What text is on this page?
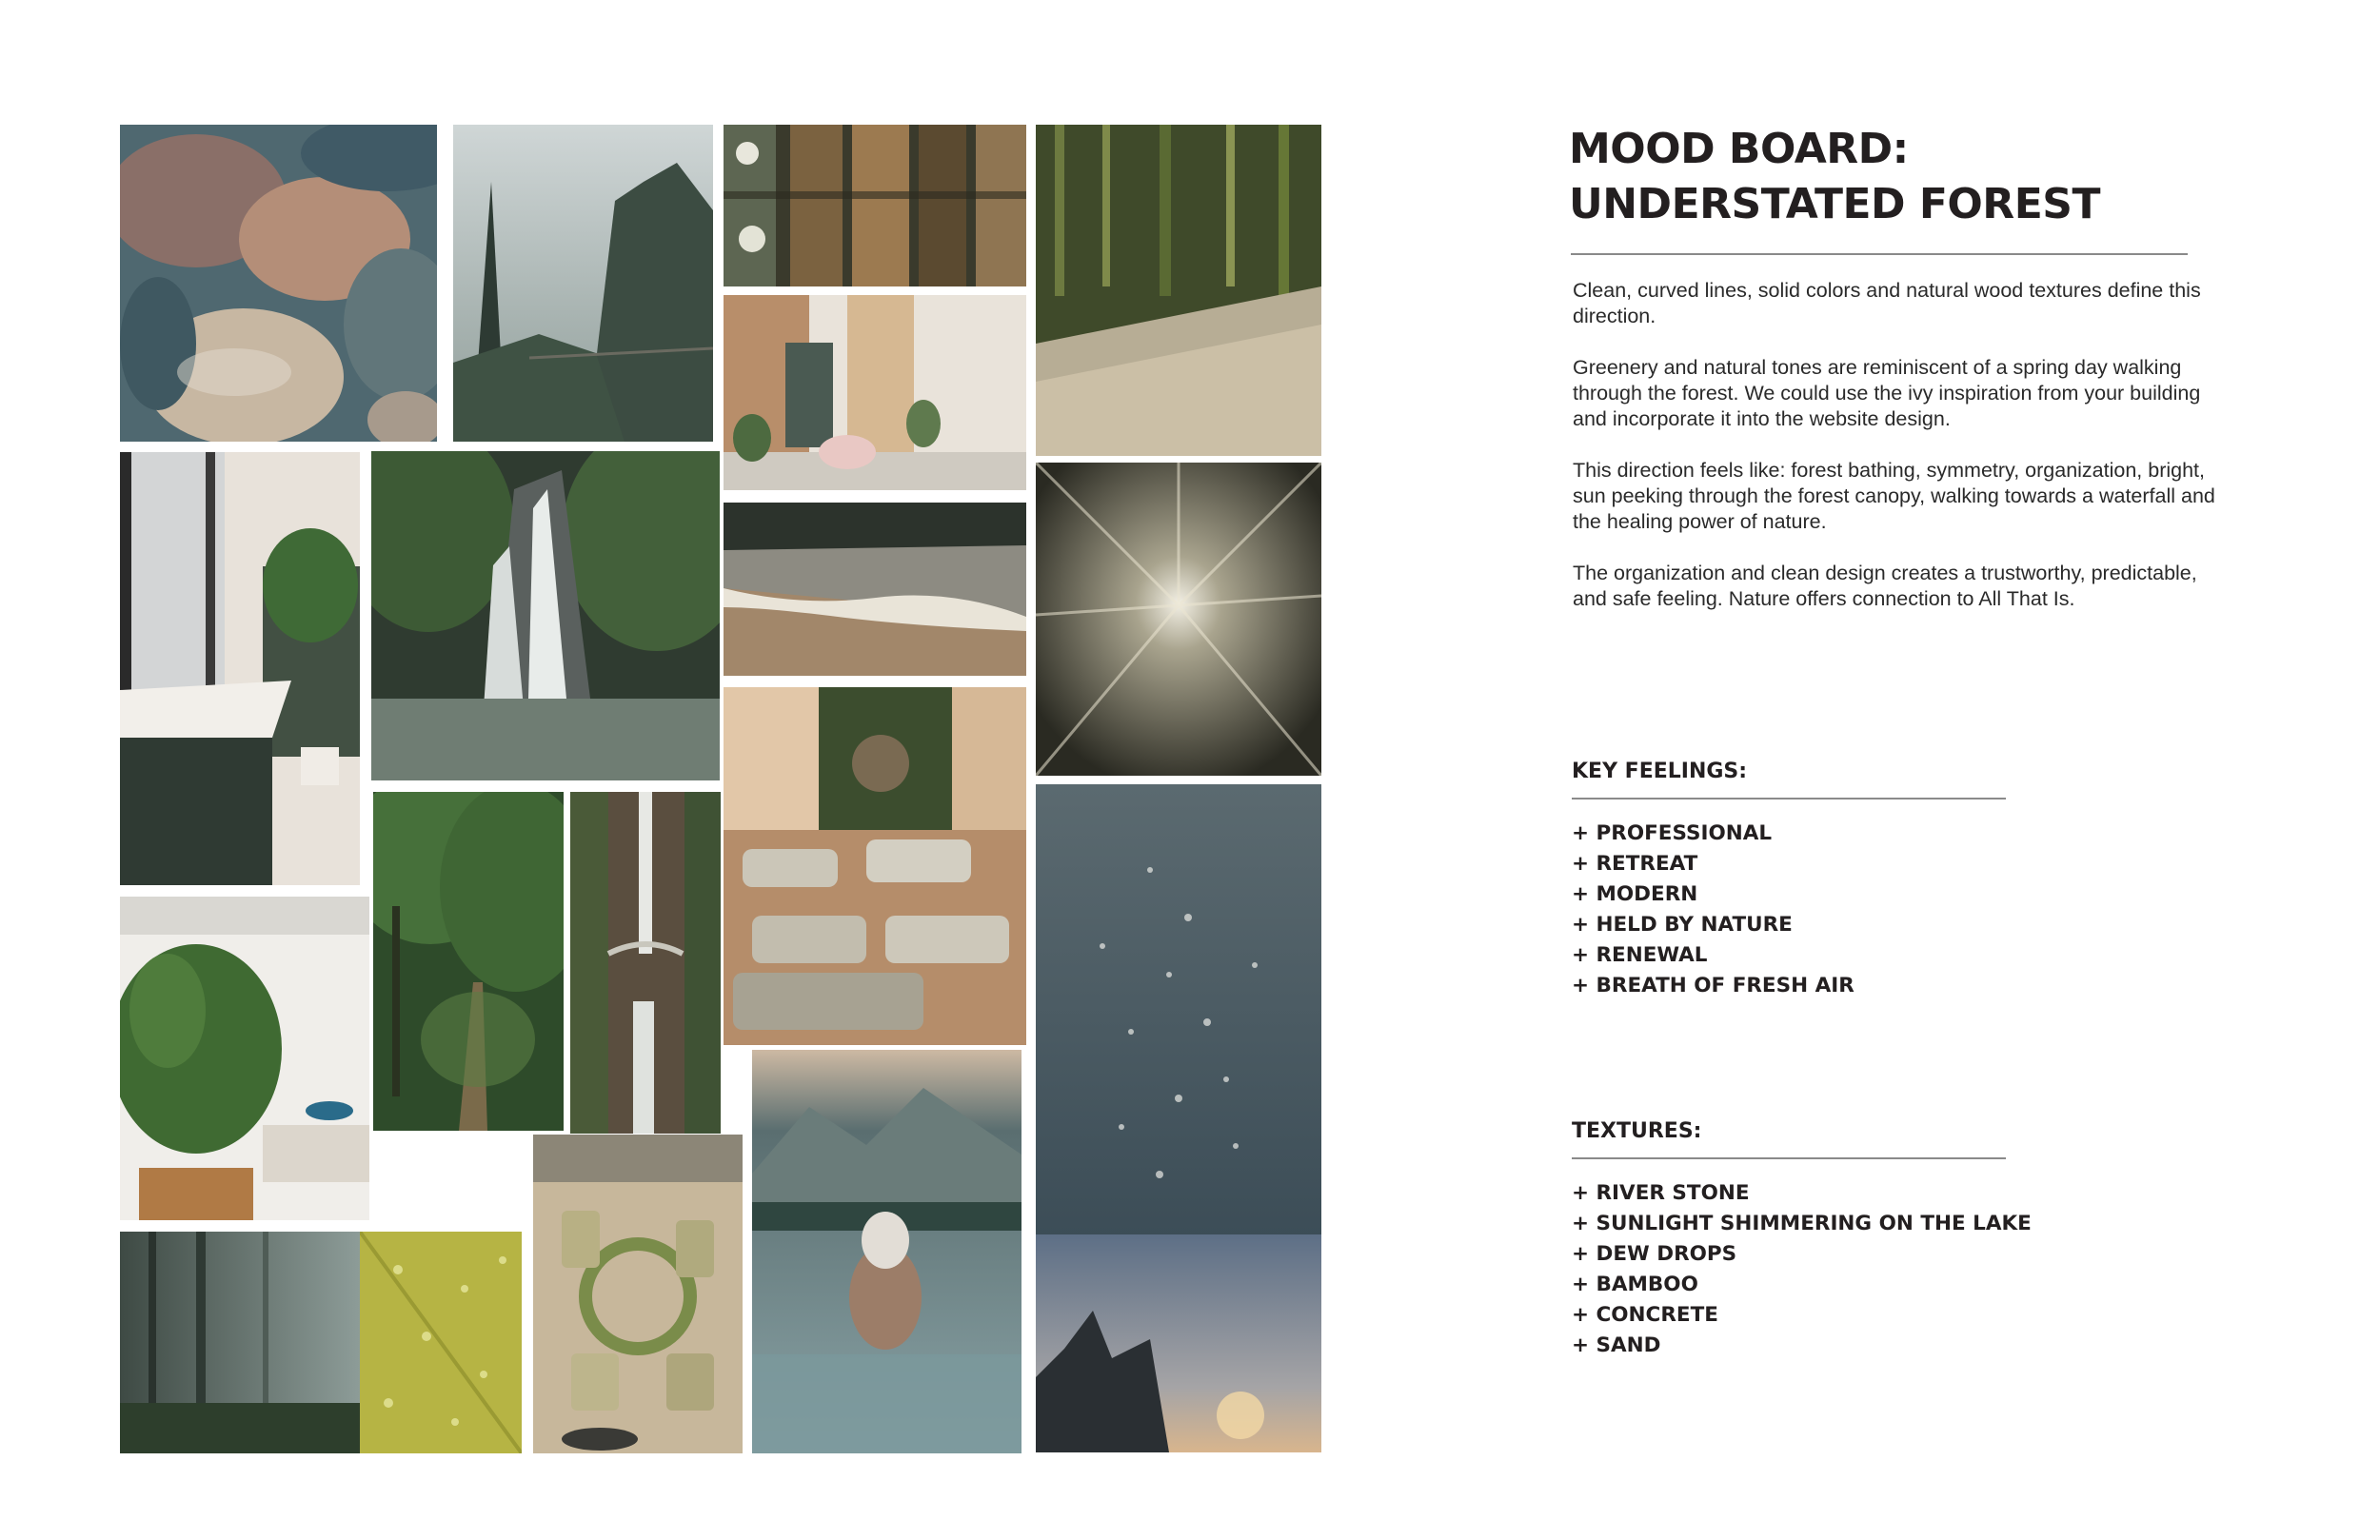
MOOD BOARD:
UNDERSTATED FOREST

Clean, curved lines, solid colors and natural wood textures define this direction.

Greenery and natural tones are reminiscent of a spring day walking through the forest. We could use the ivy inspiration from your building and incorporate it into the website design.

This direction feels like: forest bathing, symmetry, organization, bright, sun peeking through the forest canopy, walking towards a waterfall and the healing power of nature.

The organization and clean design creates a trustworthy, predictable, and safe feeling. Nature offers connection to All That Is.

KEY FEELINGS:
+ PROFESSIONAL
+ RETREAT
+ MODERN
+ HELD BY NATURE
+ RENEWAL
+ BREATH OF FRESH AIR
TEXTURES:
+ RIVER STONE
+ SUNLIGHT SHIMMERING ON THE LAKE
+ DEW DROPS
+ BAMBOO
+ CONCRETE
+ SAND
